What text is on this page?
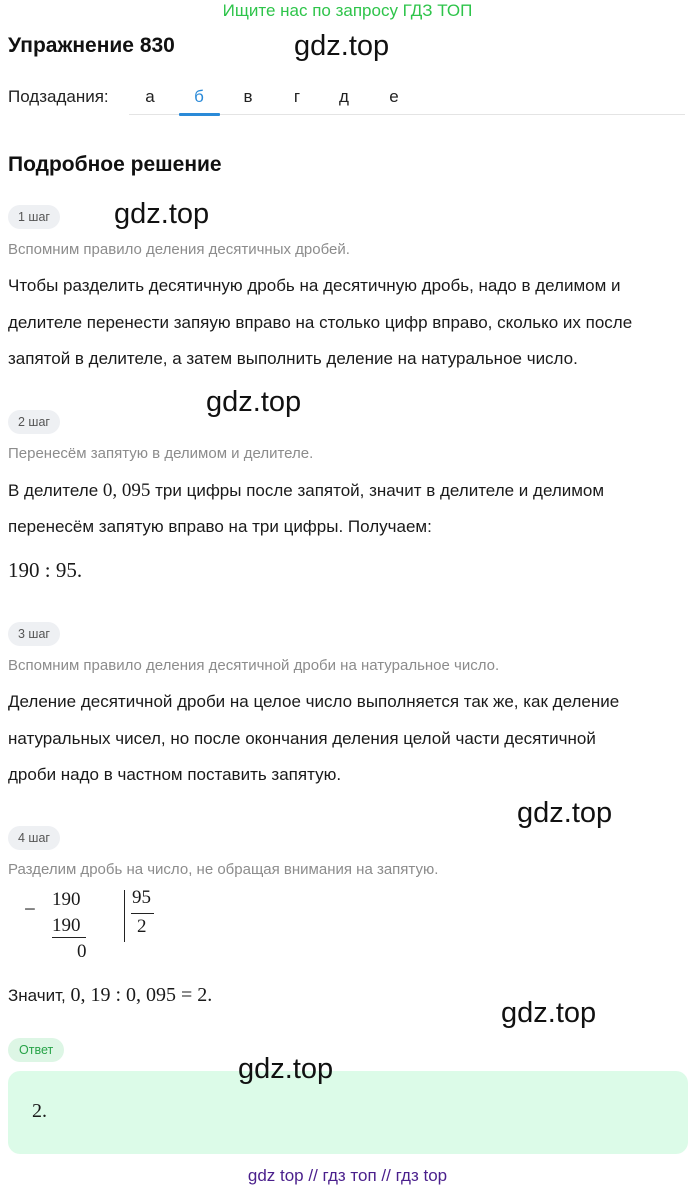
Ищите нас по запросу ГДЗ ТОП
Упражнение 830	gdz.top
Подзадания:	а	б	в	г	д	е
Подробное решение
1 шаг	gdz.top
Вспомним правило деления десятичных дробей.
Чтобы разделить десятичную дробь на десятичную дробь, надо в делимом и
делителе перенести запяую вправо на столько цифр вправо, сколько их после
запятой в делителе, а затем выполнить деление на натуральное число.
gdz.top
2 шаг
Перенесём запятую в делимом и делителе.
В делителе 0, 095 три цифры после запятой, значит в делителе и делимом
перенесём запятую вправо на три цифры. Получаем:
190 : 95.
3 шаг
Вспомним правило деления десятичной дроби на натуральное число.
Деление десятичной дроби на целое число выполняется так же, как деление
натуральных чисел, но после окончания деления целой части десятичной
дроби надо в частном поставить запятую.
gdz.top
4 шаг
Разделим дробь на число, не обращая внимания на запятую.
− 190
190
0
95
2
Значит, 0, 19 : 0, 095 = 2.
gdz.top
Ответ
gdz.top
2.
gdz top // гдз топ // гдз top
